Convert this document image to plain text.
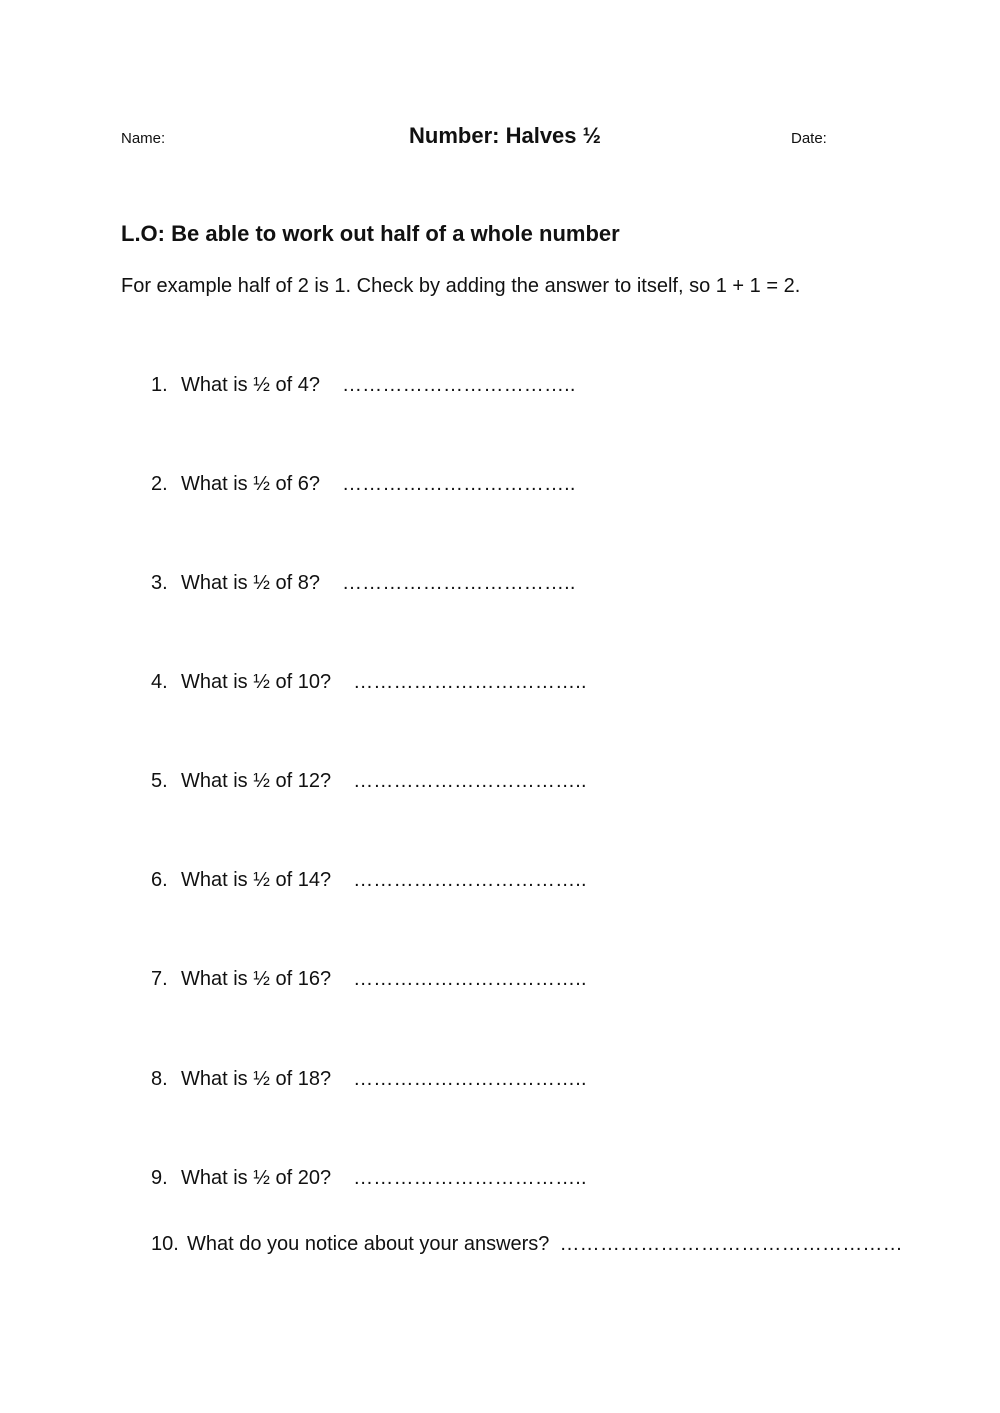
Name:	Number: Halves ½	Date:
L.O: Be able to work out half of a whole number
For example half of 2 is 1. Check by adding the answer to itself, so 1 + 1 = 2.
1. What is ½ of 4? ……………………………..
2. What is ½ of 6? ……………………………..
3. What is ½ of 8? ……………………………..
4. What is ½ of 10? ……………………………..
5. What is ½ of 12? ……………………………..
6. What is ½ of 14? ……………………………..
7. What is ½ of 16? ……………………………..
8. What is ½ of 18? ……………………………..
9. What is ½ of 20? ……………………………..
10. What do you notice about your answers? ……………………………………………
